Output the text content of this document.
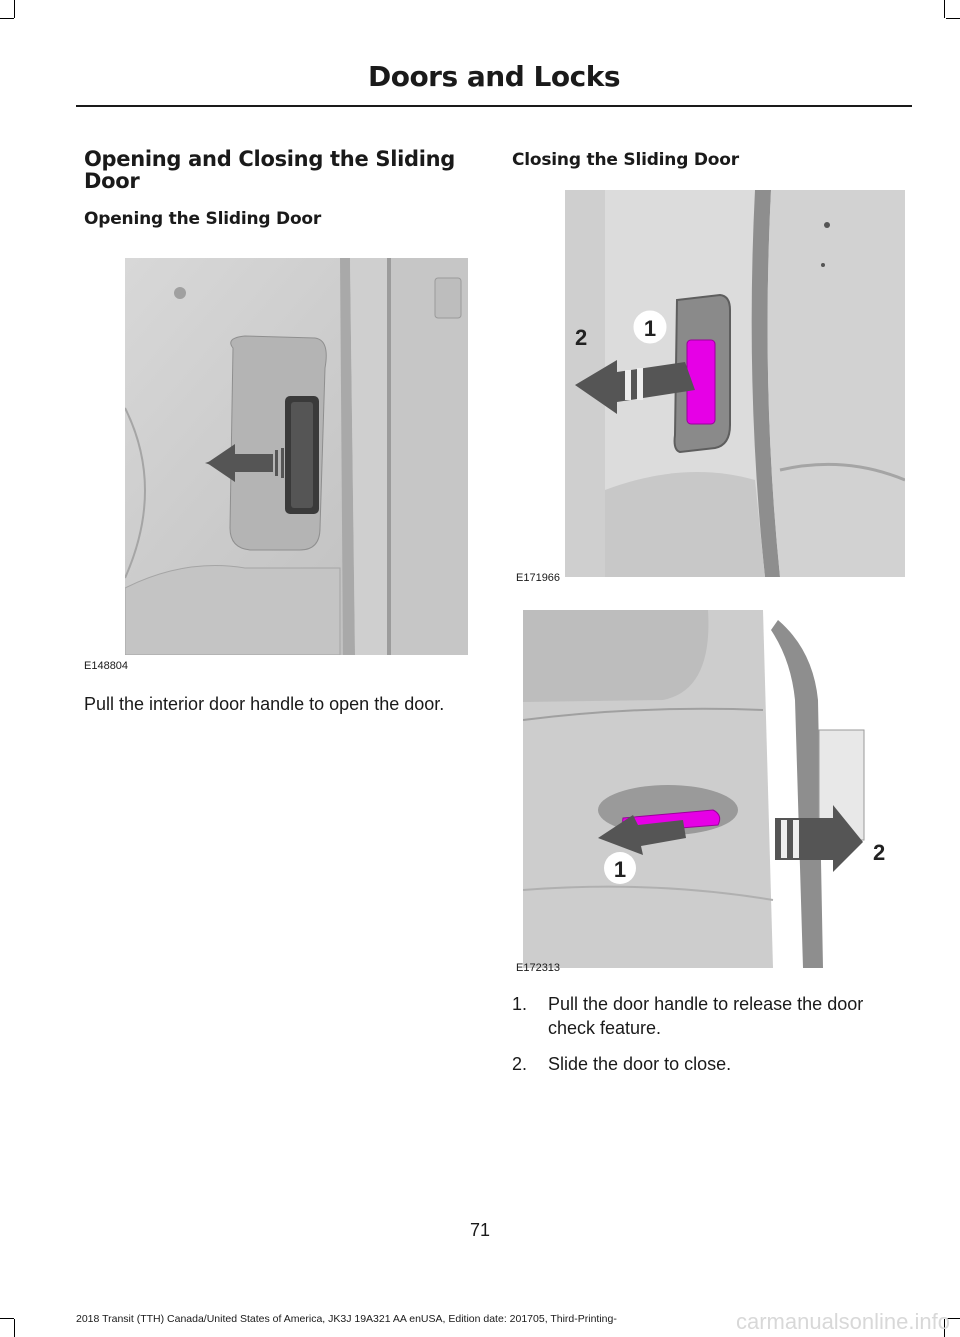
Doors and Locks
Opening and Closing the Sliding Door
Opening the Sliding Door
E148804

Pull the interior door handle to open the door.

Closing the Sliding Door
1
2
E171966
1
2
E172313
1. Pull the door handle to release the door check feature.
2. Slide the door to close.
71
2018 Transit (TTH) Canada/United States of America, JK3J 19A321 AA enUSA, Edition date: 201705, Third-Printing-	carmanualsonline.info
